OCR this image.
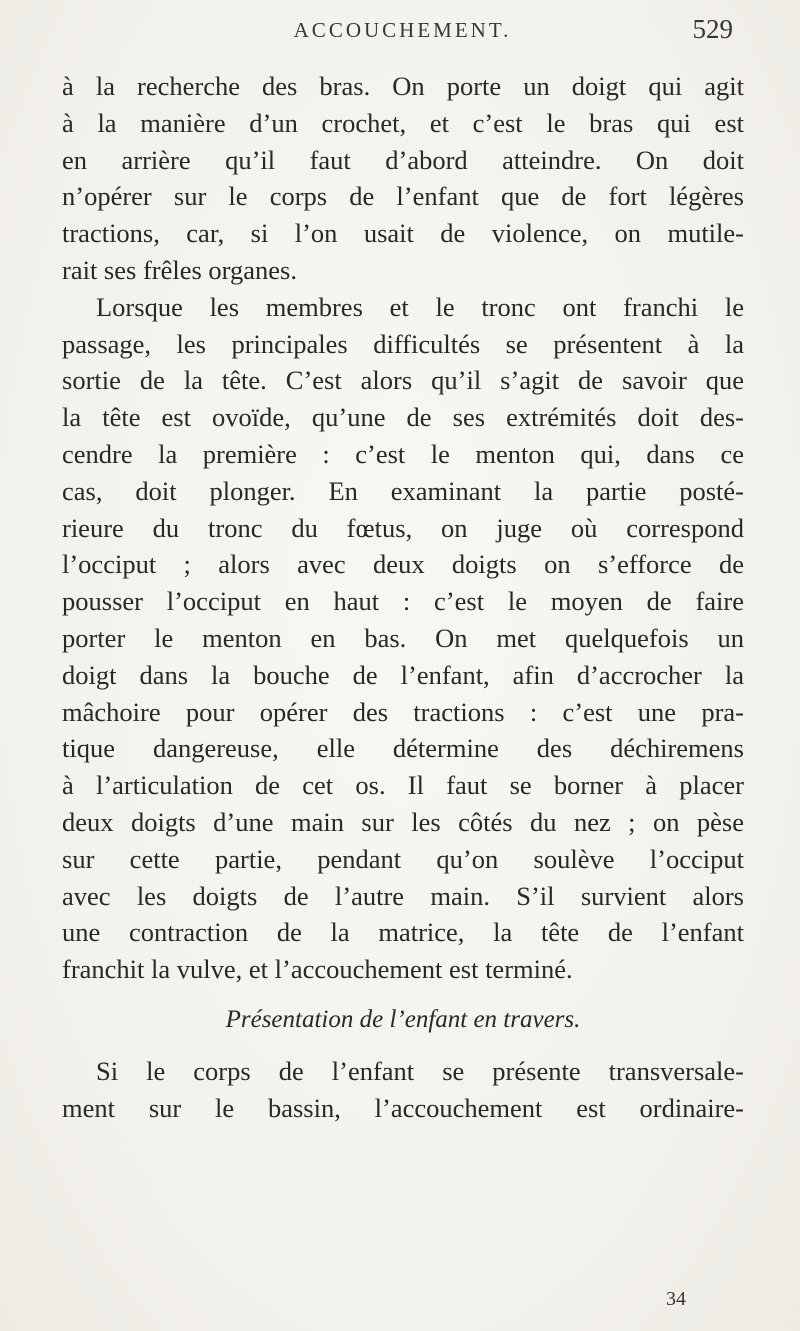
ACCOUCHEMENT.	529
à la recherche des bras. On porte un doigt qui agit
à la manière d’un crochet, et c’est le bras qui est
en arrière qu’il faut d’abord atteindre. On doit
n’opérer sur le corps de l’enfant que de fort légères
tractions, car, si l’on usait de violence, on mutile-
rait ses frêles organes.
Lorsque les membres et le tronc ont franchi le
passage, les principales difficultés se présentent à la
sortie de la tête. C’est alors qu’il s’agit de savoir que
la tête est ovoïde, qu’une de ses extrémités doit des-
cendre la première : c’est le menton qui, dans ce
cas, doit plonger. En examinant la partie posté-
rieure du tronc du fœtus, on juge où correspond
l’occiput ; alors avec deux doigts on s’efforce de
pousser l’occiput en haut : c’est le moyen de faire
porter le menton en bas. On met quelquefois un
doigt dans la bouche de l’enfant, afin d’accrocher la
mâchoire pour opérer des tractions : c’est une pra-
tique dangereuse, elle détermine des déchiremens
à l’articulation de cet os. Il faut se borner à placer
deux doigts d’une main sur les côtés du nez ; on pèse
sur cette partie, pendant qu’on soulève l’occiput
avec les doigts de l’autre main. S’il survient alors
une contraction de la matrice, la tête de l’enfant
franchit la vulve, et l’accouchement est terminé.
Présentation de l’enfant en travers.
Si le corps de l’enfant se présente transversale-
ment sur le bassin, l’accouchement est ordinaire-
34
